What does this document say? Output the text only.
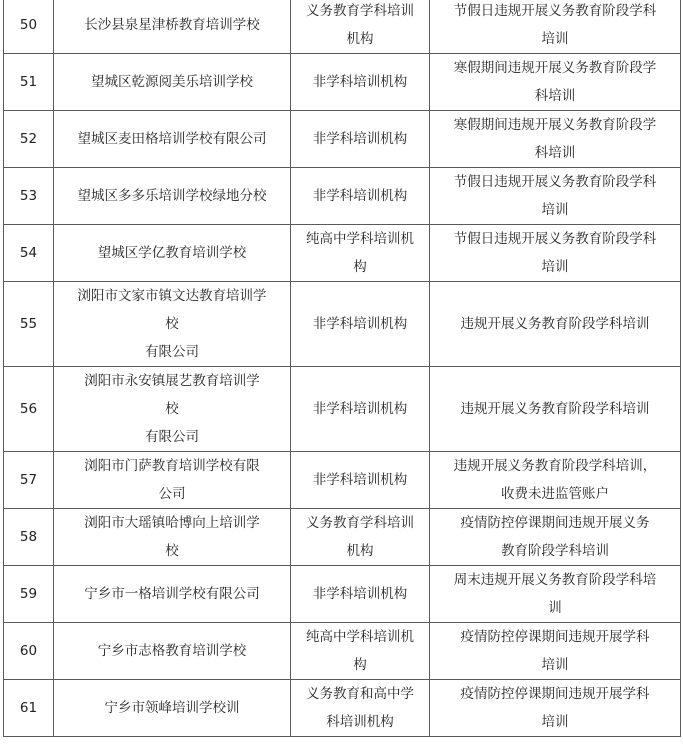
50	长沙县泉星津桥教育培训学校	义务教育学科培训
机构	节假日违规开展义务教育阶段学科
培训

51	望城区乾源阅美乐培训学校	非学科培训机构	寒假期间违规开展义务教育阶段学
科培训

52	望城区麦田格培训学校有限公司	非学科培训机构	寒假期间违规开展义务教育阶段学
科培训

53	望城区多多乐培训学校绿地分校	非学科培训机构	节假日违规开展义务教育阶段学科
培训

54	望城区学亿教育培训学校	纯高中学科培训机
构	节假日违规开展义务教育阶段学科
培训

55	浏阳市文家市镇文达教育培训学
校
有限公司	非学科培训机构	违规开展义务教育阶段学科培训

56	浏阳市永安镇展艺教育培训学
校
有限公司	非学科培训机构	违规开展义务教育阶段学科培训

57	浏阳市门萨教育培训学校有限
公司	非学科培训机构	违规开展义务教育阶段学科培训，
收费未进监管账户

58	浏阳市大瑶镇哈博向上培训学
校	义务教育学科培训
机构	疫情防控停课期间违规开展义务
教育阶段学科培训

59	宁乡市一格培训学校有限公司	非学科培训机构	周末违规开展义务教育阶段学科培
训

60	宁乡市志格教育培训学校	纯高中学科培训机
构	疫情防控停课期间违规开展学科
培训

61	宁乡市领峰培训学校训	义务教育和高中学
科培训机构	疫情防控停课期间违规开展学科
培训
